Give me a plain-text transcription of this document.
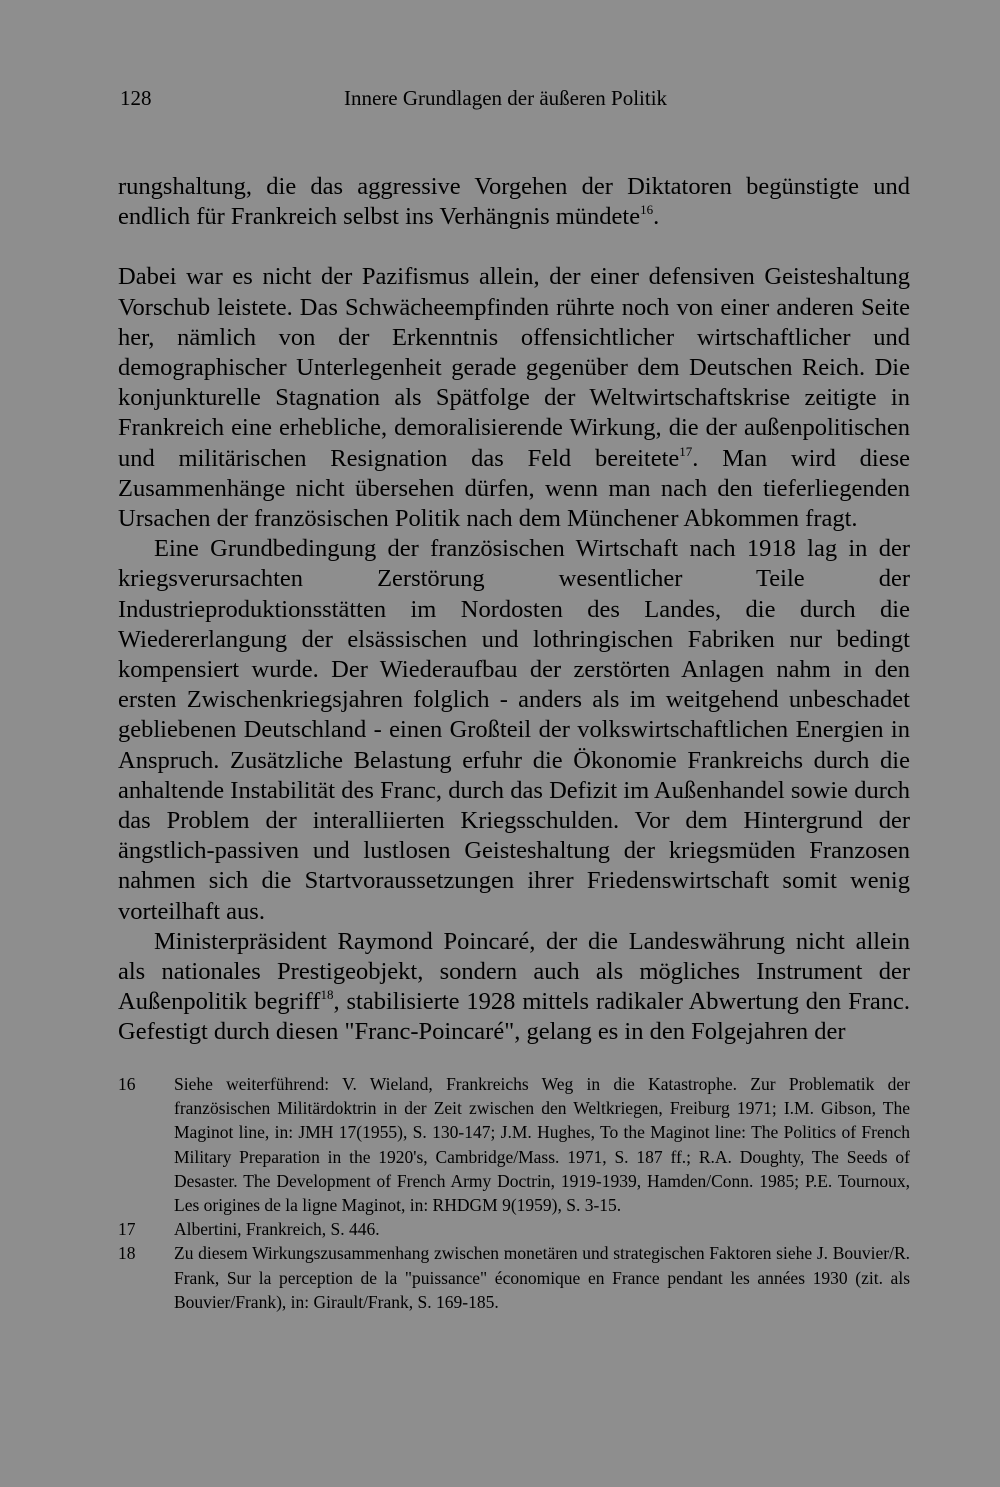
128	Innere Grundlagen der äußeren Politik

rungshaltung, die das aggressive Vorgehen der Diktatoren begünstigte und endlich für Frankreich selbst ins Verhängnis mündete$^{16}$.

Dabei war es nicht der Pazifismus allein, der einer defensiven Geisteshaltung Vorschub leistete. Das Schwächeempfinden rührte noch von einer anderen Seite her, nämlich von der Erkenntnis offensichtlicher wirtschaftlicher und demographischer Unterlegenheit gerade gegenüber dem Deutschen Reich. Die konjunkturelle Stagnation als Spätfolge der Weltwirtschaftskrise zeitigte in Frankreich eine erhebliche, demoralisierende Wirkung, die der außenpolitischen und militärischen Resignation das Feld bereitete$^{17}$. Man wird diese Zusammenhänge nicht übersehen dürfen, wenn man nach den tieferliegenden Ursachen der französischen Politik nach dem Münchener Abkommen fragt.

Eine Grundbedingung der französischen Wirtschaft nach 1918 lag in der kriegsverursachten Zerstörung wesentlicher Teile der Industrieproduktionsstätten im Nordosten des Landes, die durch die Wiedererlangung der elsässischen und lothringischen Fabriken nur bedingt kompensiert wurde. Der Wiederaufbau der zerstörten Anlagen nahm in den ersten Zwischenkriegsjahren folglich - anders als im weitgehend unbeschadet gebliebenen Deutschland - einen Großteil der volkswirtschaftlichen Energien in Anspruch. Zusätzliche Belastung erfuhr die Ökonomie Frankreichs durch die anhaltende Instabilität des Franc, durch das Defizit im Außenhandel sowie durch das Problem der interalliierten Kriegsschulden. Vor dem Hintergrund der ängstlich-passiven und lustlosen Geisteshaltung der kriegsmüden Franzosen nahmen sich die Startvoraussetzungen ihrer Friedenswirtschaft somit wenig vorteilhaft aus.

Ministerpräsident Raymond Poincaré, der die Landeswährung nicht allein als nationales Prestigeobjekt, sondern auch als mögliches Instrument der Außenpolitik begriff$^{18}$, stabilisierte 1928 mittels radikaler Abwertung den Franc. Gefestigt durch diesen "Franc-Poincaré", gelang es in den Folgejahren der

16	Siehe weiterführend: V. Wieland, Frankreichs Weg in die Katastrophe. Zur Problematik der französischen Militärdoktrin in der Zeit zwischen den Weltkriegen, Freiburg 1971; I.M. Gibson, The Maginot line, in: JMH 17(1955), S. 130-147; J.M. Hughes, To the Maginot line: The Politics of French Military Preparation in the 1920's, Cambridge/Mass. 1971, S. 187 ff.; R.A. Doughty, The Seeds of Desaster. The Development of French Army Doctrin, 1919-1939, Hamden/Conn. 1985; P.E. Tournoux, Les origines de la ligne Maginot, in: RHDGM 9(1959), S. 3-15.
17	Albertini, Frankreich, S. 446.
18	Zu diesem Wirkungszusammenhang zwischen monetären und strategischen Faktoren siehe J. Bouvier/R. Frank, Sur la perception de la "puissance" économique en France pendant les années 1930 (zit. als Bouvier/Frank), in: Girault/Frank, S. 169-185.
